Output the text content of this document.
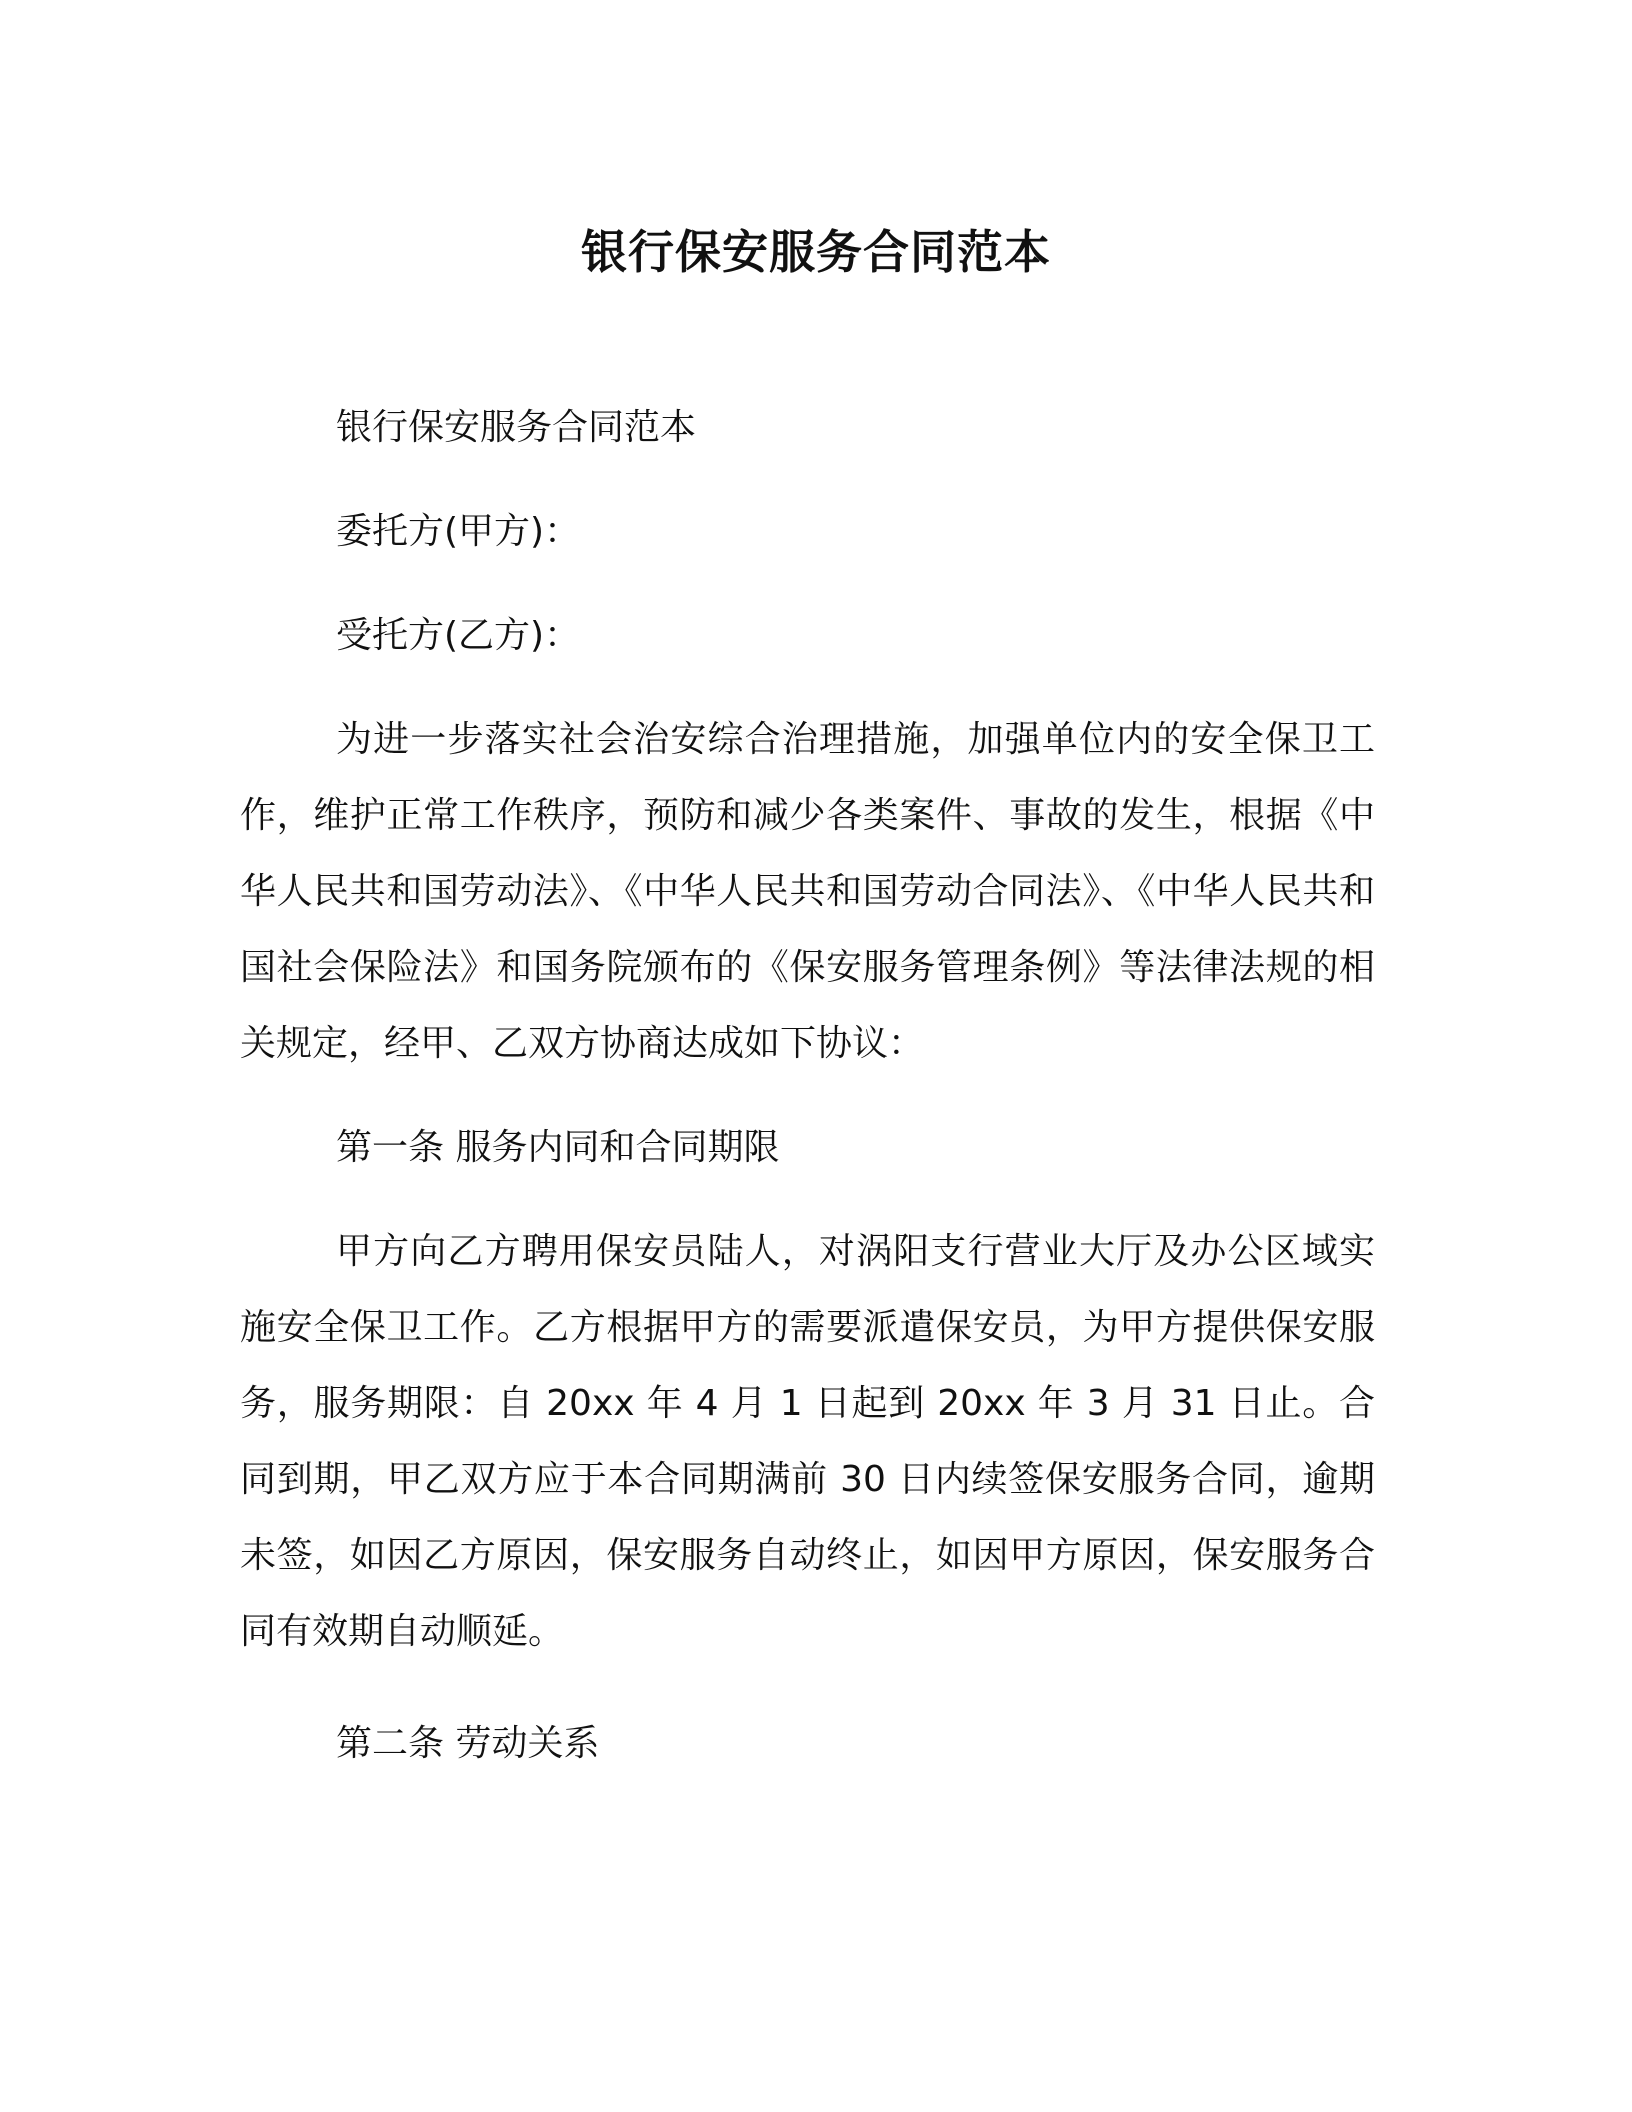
银行保安服务合同范本

银行保安服务合同范本

委托方(甲方)：

受托方(乙方)：

为进一步落实社会治安综合治理措施，加强单位内的安全保卫工作，维护正常工作秩序，预防和减少各类案件、事故的发生，根据《中华人民共和国劳动法》、《中华人民共和国劳动合同法》、《中华人民共和国社会保险法》和国务院颁布的《保安服务管理条例》等法律法规的相关规定，经甲、乙双方协商达成如下协议：

第一条 服务内同和合同期限

甲方向乙方聘用保安员陆人，对涡阳支行营业大厅及办公区域实施安全保卫工作。乙方根据甲方的需要派遣保安员，为甲方提供保安服务，服务期限：自 20xx 年 4 月 1 日起到 20xx 年 3 月 31 日止。合同到期，甲乙双方应于本合同期满前 30 日内续签保安服务合同，逾期未签，如因乙方原因，保安服务自动终止，如因甲方原因，保安服务合同有效期自动顺延。

第二条 劳动关系
